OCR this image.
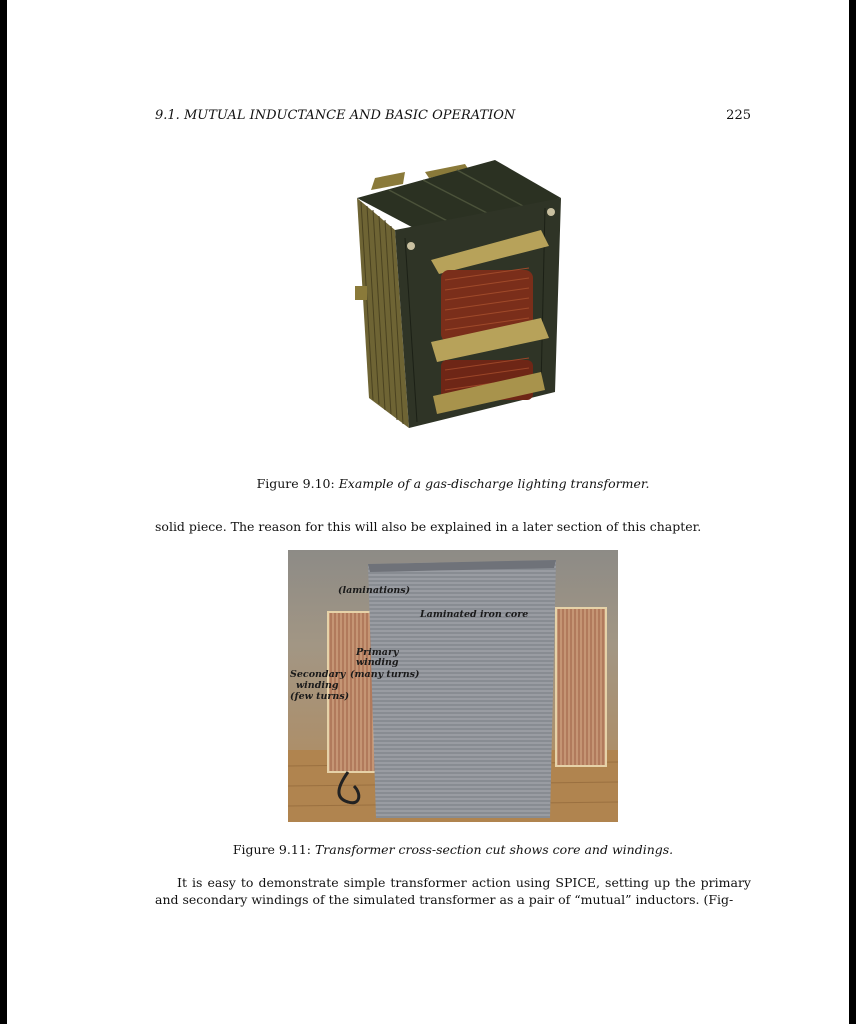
9.1. MUTUAL INDUCTANCE AND BASIC OPERATION	225
Figure 9.10: Example of a gas-discharge lighting transformer.
solid piece. The reason for this will also be explained in a later section of this chapter.
(laminations)
Laminated iron core
Primary
winding
(many turns)
Secondary
winding
(few turns)
Figure 9.11: Transformer cross-section cut shows core and windings.
It is easy to demonstrate simple transformer action using SPICE, setting up the primary and secondary windings of the simulated transformer as a pair of “mutual” inductors. (Fig-
